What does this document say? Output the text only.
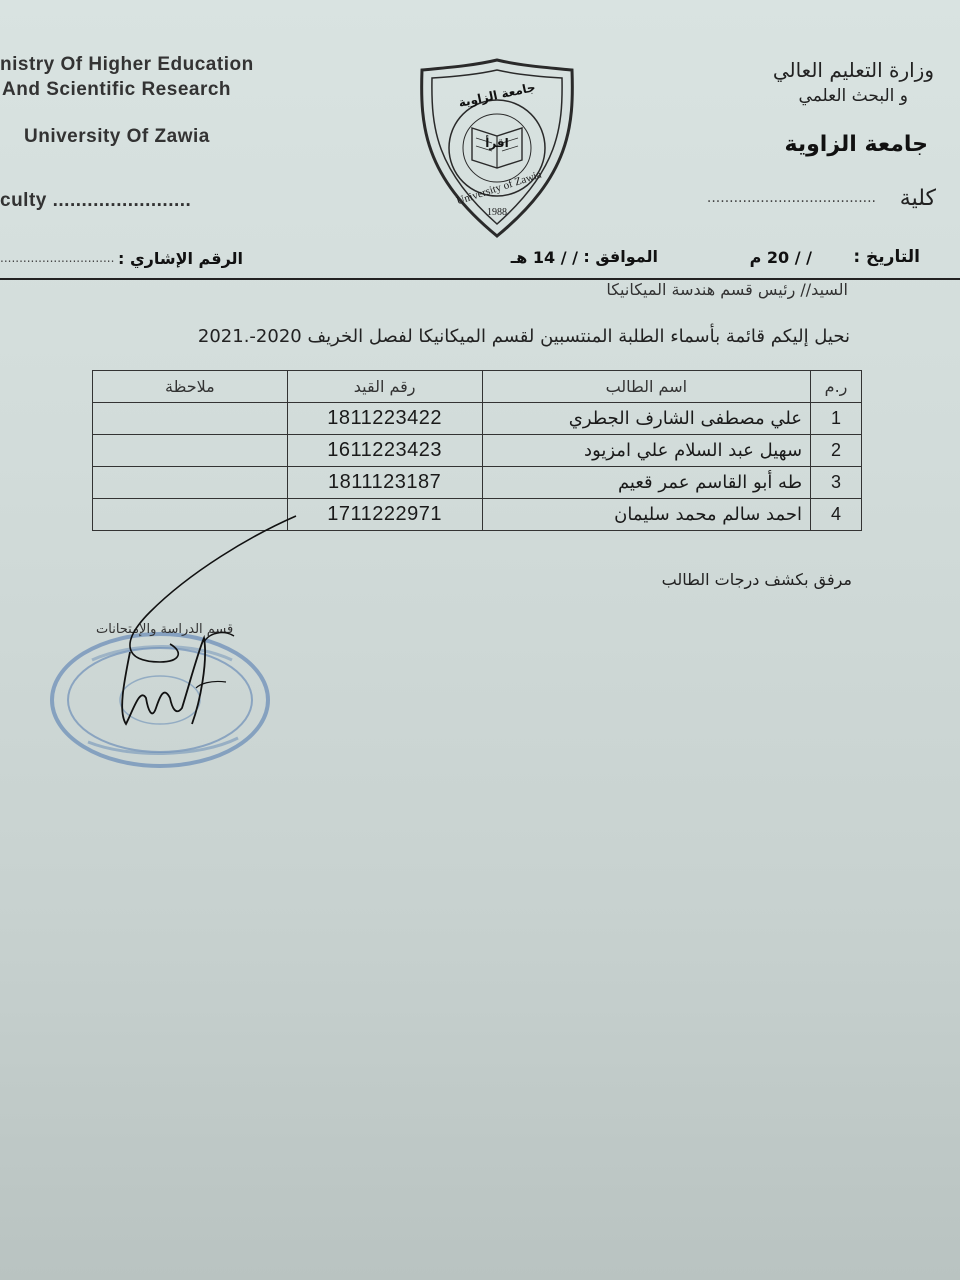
nistry Of Higher Education
And Scientific Research
University Of Zawia
culty ........................
وزارة التعليم العالي
و البحث العلمي
جامعة الزاوية
كلية
......................................
جامعة الزاوية
اقرأ
University of Zawia
1988
التاريخ :
/ / 20 م
الموافق :
/ / 14 هـ
الرقم الإشاري :
..............................
السيد// رئيس قسم هندسة الميكانيكا
نحيل إليكم قائمة بأسماء الطلبة المنتسبين لقسم الميكانيكا لفصل الخريف 2020-.2021
ر.م	اسم الطالب	رقم القيد	ملاحظة
1	علي مصطفى الشارف الجطري	1811223422	
2	سهيل عبد السلام علي امزيود	1611223423	
3	طه أبو القاسم عمر قعيم	1811123187	
4	احمد سالم محمد سليمان	1711222971	
مرفق بكشف درجات الطالب
قسم الدراسة والإمتحانات
